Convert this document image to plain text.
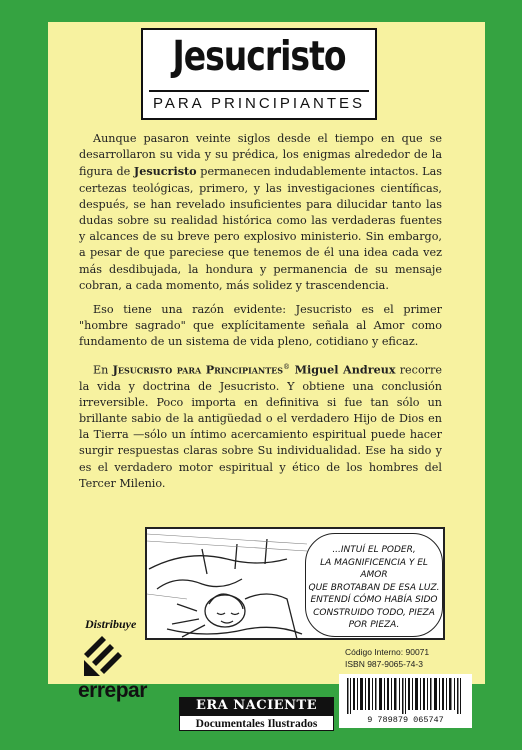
Jesucristo
PARA PRINCIPIANTES

Aunque pasaron veinte siglos desde el tiempo en que se desarrollaron su vida y su prédica, los enigmas alrededor de la figura de Jesucristo permanecen indudablemente intactos. Las certezas teológicas, primero, y las investigaciones científicas, después, se han revelado insuficientes para dilucidar tanto las dudas sobre su realidad histórica como las verdaderas fuentes y alcances de su breve pero explosivo ministerio. Sin embargo, a pesar de que pareciese que tenemos de él una idea cada vez más desdibujada, la hondura y permanencia de su mensaje cobran, a cada momento, más solidez y trascendencia.

Eso tiene una razón evidente: Jesucristo es el primer "hombre sagrado" que explícitamente señala al Amor como fundamento de un sistema de vida pleno, cotidiano y eficaz.

En Jesucristo para Principiantes® Miguel Andreux recorre la vida y doctrina de Jesucristo. Y obtiene una conclusión irreversible. Poco importa en definitiva si fue tan sólo un brillante sabio de la antigüedad o el verdadero Hijo de Dios en la Tierra —sólo un íntimo acercamiento espiritual puede hacer surgir respuestas claras sobre Su individualidad. Ese ha sido y es el verdadero motor espiritual y ético de los hombres del Tercer Milenio.

...INTUÍ EL PODER,
LA MAGNIFICENCIA Y EL AMOR
QUE BROTABAN DE ESA LUZ.
ENTENDÍ CÓMO HABÍA SIDO
CONSTRUIDO TODO, PIEZA
POR PIEZA.
Distribuye
errepar
Código Interno: 90071
ISBN 987-9065-74-3
9 789879 065747
ERA NACIENTE
Documentales Ilustrados
